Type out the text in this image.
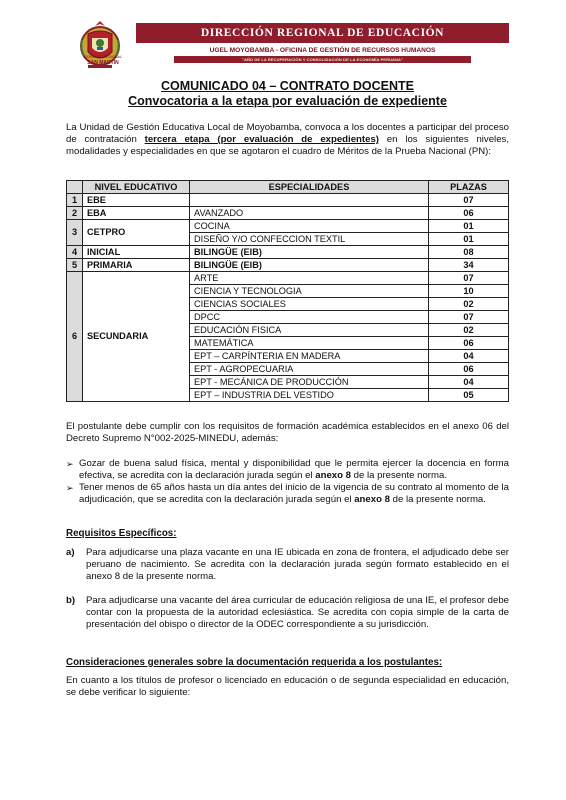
GOBIERNO REGIONAL
SAN MARTÍN
DIRECCIÓN REGIONAL DE EDUCACIÓN
UGEL MOYOBAMBA - OFICINA DE GESTIÓN DE RECURSOS HUMANOS
"AÑO DE LA RECUPERACIÓN Y CONSOLIDACIÓN DE LA ECONOMÍA PERUANA"
COMUNICADO 04 – CONTRATO DOCENTE
Convocatoria a la etapa por evaluación de expediente
La Unidad de Gestión Educativa Local de Moyobamba, convoca a los docentes a participar del proceso de contratación tercera etapa (por evaluación de expedientes) en los siguientes niveles, modalidades y especialidades en que se agotaron el cuadro de Méritos de la Prueba Nacional (PN):
	NIVEL EDUCATIVO	ESPECIALIDADES	PLAZAS
1	EBE		07
2	EBA	AVANZADO	06
3	CETPRO	COCINA	01
		DISEÑO Y/O CONFECCION TEXTIL	01
4	INICIAL	BILINGÜE (EIB)	08
5	PRIMARIA	BILINGÜE (EIB)	34
6	SECUNDARIA	ARTE	07
		CIENCIA Y TECNOLOGIA	10
		CIENCIAS SOCIALES	02
		DPCC	07
		EDUCACIÓN FISICA	02
		MATEMÁTICA	06
		EPT – CARPÍNTERIA EN MADERA	04
		EPT - AGROPECUARIA	06
		EPT - MECÁNICA DE PRODUCCIÓN	04
		EPT – INDUSTRIA DEL VESTIDO	05
El postulante debe cumplir con los requisitos de formación académica establecidos en el anexo 06 del Decreto Supremo N°002-2025-MINEDU, además:
➢ Gozar de buena salud física, mental y disponibilidad que le permita ejercer la docencia en forma efectiva, se acredita con la declaración jurada según el anexo 8 de la presente norma.
➢ Tener menos de 65 años hasta un día antes del inicio de la vigencia de su contrato al momento de la adjudicación, que se acredita con la declaración jurada según el anexo 8 de la presente norma.
Requisitos Específicos:
a) Para adjudicarse una plaza vacante en una IE ubicada en zona de frontera, el adjudicado debe ser peruano de nacimiento. Se acredita con la declaración jurada según formato establecido en el anexo 8 de la presente norma.
b) Para adjudicarse una vacante del área curricular de educación religiosa de una IE, el profesor debe contar con la propuesta de la autoridad eclesiástica. Se acredita con copia simple de la carta de presentación del obispo o director de la ODEC correspondiente a su jurisdicción.
Consideraciones generales sobre la documentación requerida a los postulantes:
En cuanto a los títulos de profesor o licenciado en educación o de segunda especialidad en educación, se debe verificar lo siguiente:
